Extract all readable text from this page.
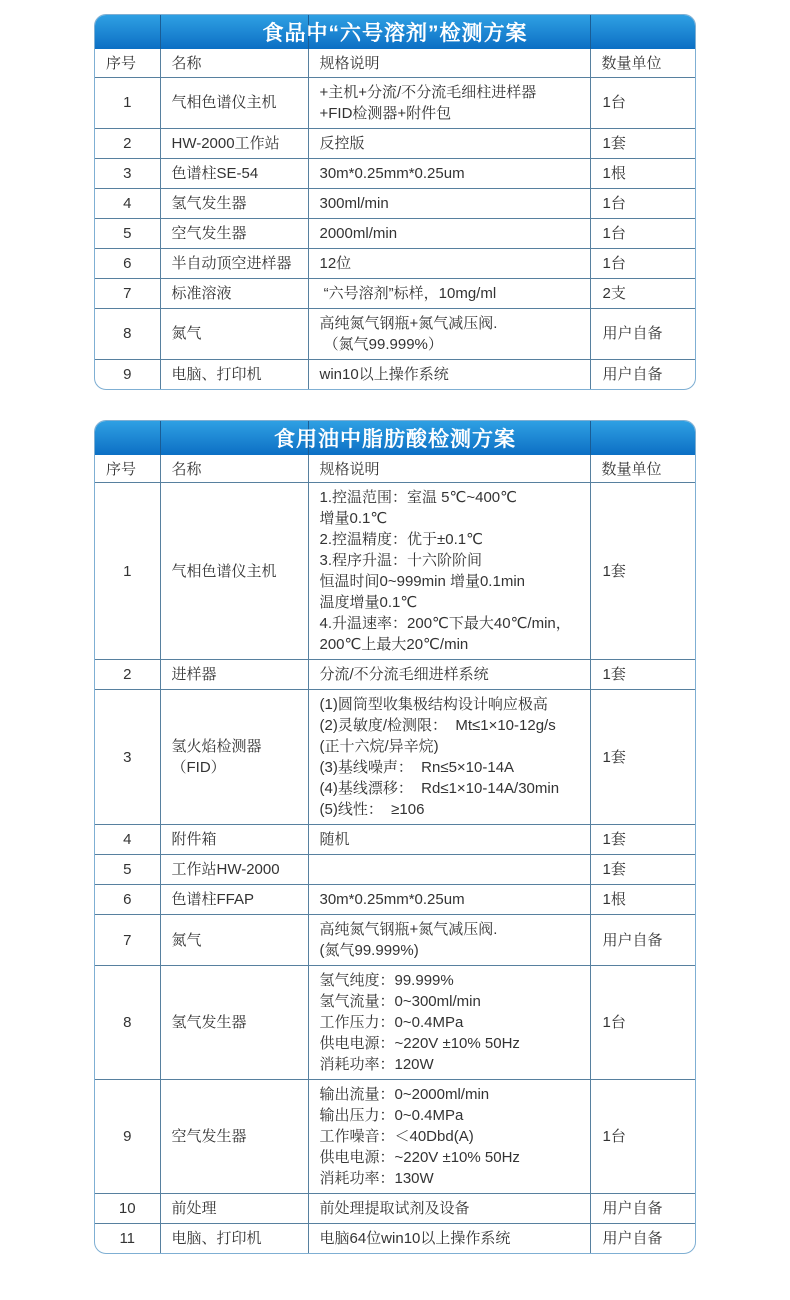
食品中“六号溶剂”检测方案
序号	名称	规格说明	数量单位
1	气相色谱仪主机	+主机+分流/不分流毛细柱进样器
+FID检测器+附件包	1台
2	HW-2000工作站	反控版	1套
3	色谱柱SE-54	30m*0.25mm*0.25um	1根
4	氢气发生器	300ml/min	1台
5	空气发生器	2000ml/min	1台
6	半自动顶空进样器	12位	1台
7	标准溶液	“六号溶剂”标样，10mg/ml	2支
8	氮气	高纯氮气钢瓶+氮气减压阀.
（氮气99.999%）	用户自备
9	电脑、打印机	win10以上操作系统	用户自备
食用油中脂肪酸检测方案
序号	名称	规格说明	数量单位
1	气相色谱仪主机	
1.控温范围：室温 5℃~400℃
增量0.1℃
2.控温精度：优于±0.1℃
3.程序升温：十六阶阶间
恒温时间0~999min 增量0.1min
温度增量0.1℃
4.升温速率：200℃下最大40℃/min，
200℃上最大20℃/min
	1套
2	进样器	分流/不分流毛细进样系统	1套
3	氢火焰检测器（FID）	
(1)圆筒型收集极结构设计响应极高
(2)灵敏度/检测限：  Mt≤1×10-12g/s
(正十六烷/异辛烷)
(3)基线噪声：  Rn≤5×10-14A
(4)基线漂移：  Rd≤1×10-14A/30min
(5)线性：  ≥106
	1套
4	附件箱	随机	1套
5	工作站HW-2000		1套
6	色谱柱FFAP	30m*0.25mm*0.25um	1根
7	氮气	高纯氮气钢瓶+氮气减压阀.
(氮气99.999%)	用户自备
8	氢气发生器	氢气纯度：99.999%
氢气流量：0~300ml/min
工作压力：0~0.4MPa
供电电源：~220V ±10% 50Hz
消耗功率：120W	1台
9	空气发生器	输出流量：0~2000ml/min
输出压力：0~0.4MPa
工作噪音：＜40Dbd(A)
供电电源：~220V ±10% 50Hz
消耗功率：130W	1台
10	前处理	前处理提取试剂及设备	用户自备
11	电脑、打印机	电脑64位win10以上操作系统	用户自备
